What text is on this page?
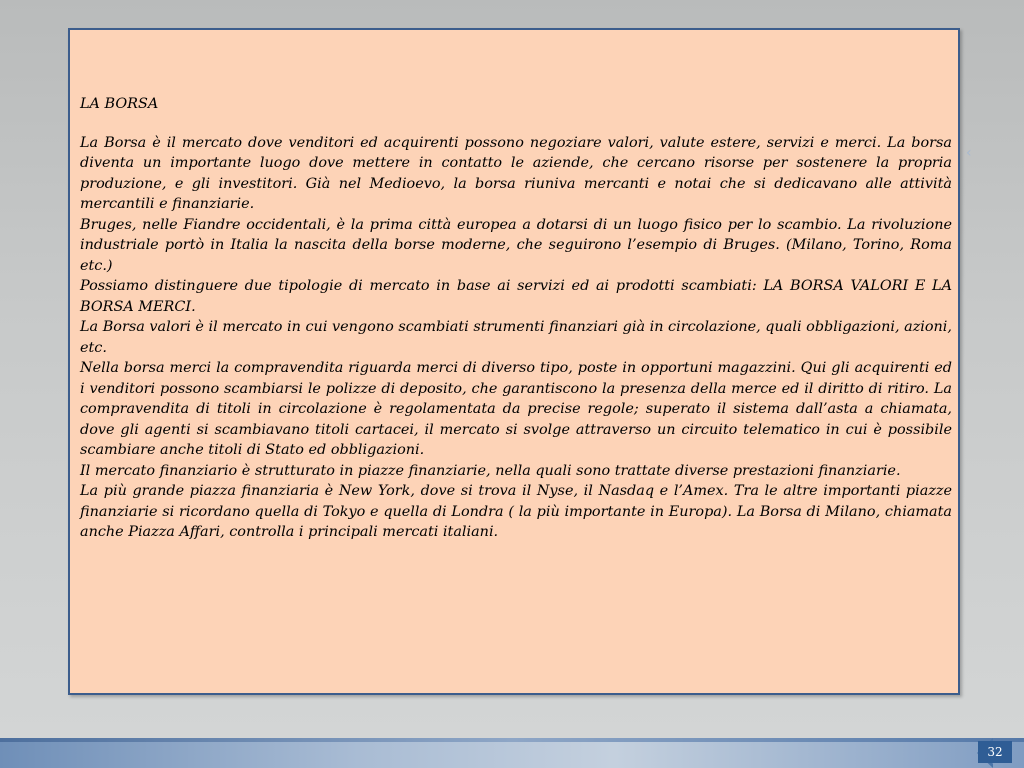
‹

LA BORSA

La Borsa è il mercato dove venditori ed acquirenti possono negoziare valori, valute estere, servizi e merci. La borsa diventa un importante luogo dove mettere in contatto le aziende, che cercano risorse per sostenere la propria produzione, e gli investitori. Già nel Medioevo, la borsa riuniva mercanti e notai che si dedicavano alle attività mercantili e finanziarie.

Bruges, nelle Fiandre occidentali, è la prima città europea a dotarsi di un luogo fisico per lo scambio. La rivoluzione industriale portò in Italia la nascita della borse moderne, che seguirono l’esempio di Bruges. (Milano, Torino, Roma etc.)

Possiamo distinguere due tipologie di mercato in base ai servizi ed ai prodotti scambiati: LA BORSA VALORI E LA BORSA MERCI.

La Borsa valori è il mercato in cui vengono scambiati strumenti finanziari già in circolazione, quali obbligazioni, azioni, etc.

Nella borsa merci la compravendita riguarda merci di diverso tipo, poste in opportuni magazzini. Qui gli acquirenti ed i venditori possono scambiarsi le polizze di deposito, che garantiscono la presenza della merce ed il diritto di ritiro. La compravendita di titoli in circolazione è regolamentata da precise regole; superato il sistema dall’asta a chiamata, dove gli agenti si scambiavano titoli cartacei, il mercato si svolge attraverso un circuito telematico in cui è possibile scambiare anche titoli di Stato ed obbligazioni.

Il mercato finanziario è strutturato in piazze finanziarie, nella quali sono trattate diverse prestazioni finanziarie.

La più grande piazza finanziaria è New York, dove si trova il Nyse, il Nasdaq e l’Amex. Tra le altre importanti piazze finanziarie si ricordano quella di Tokyo e quella di Londra ( la più importante in Europa). La Borsa di Milano, chiamata anche Piazza Affari, controlla i principali mercati italiani.

32
